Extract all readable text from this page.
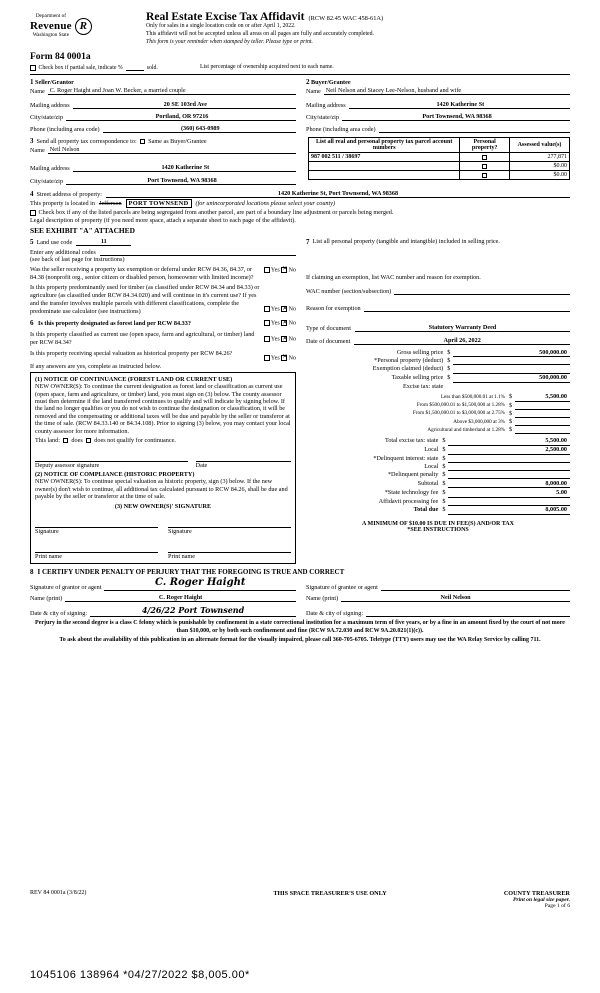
Department of
Revenue
Washington State
R
Real Estate Excise Tax Affidavit (RCW 82.45 WAC 458-61A)
Only for sales in a single location code on or after April 1, 2022.
This affidavit will not be accepted unless all areas on all pages are fully and accurately completed.
This form is your reminder when stamped by teller. Please type or print.
Form 84 0001a
Check box if partial sale, indicate %
	sold.	List percentage of ownership acquired next to each name.
1 Seller/Grantor
Name C. Roger Haight and Joan W. Becker, a married couple
Mailing address	20 SE 103rd Ave
City/state/zip	Portland, OR 97216
Phone (including area code)	(360) 643-0989
2 Buyer/Grantee
Name Neil Nelson and Stacey Lee-Nelson, husband and wife
Mailing address	1420 Katherine St
City/state/zip	Port Townsend, WA 98368
Phone (including area code)
3 Send all property tax correspondence to: Same as Buyer/Grantee
Name Neil Nelson
Mailing address	1420 Katherine St
City/state/zip	Port Townsend, WA 98368
List all real and personal property tax parcel account numbers	Personal property?	Assessed value(s)
987 002 511 / 38697		277,871
		$0.00
		$0.00
4 Street address of property:	1420 Katherine St, Port Townsend, WA 98368
This property is located in Jefferson	PORT TOWNSEND	(for unincorporated locations please select your county)
Check box if any of the listed parcels are being segregated from another parcel, are part of a boundary line adjustment or parcels being merged.
Legal description of property (if you need more space, attach a separate sheet to each page of the affidavit).
SEE EXHIBIT "A" ATTACHED
5 Land use code	11
Enter any additional codes

(see back of last page for instructions)
Was the seller receiving a property tax exemption or deferral under RCW 84.36, 84.37, or 84.38 (nonprofit org., senior citizen or disabled person, homeowner with limited income)?
Yes ✕ No
Is this property predominantly used for timber (as classified under RCW 84.34 and 84.33) or agriculture (as classified under RCW 84.34.020) and will continue in it's current use? If yes and the transfer involves multiple parcels with different classifications, complete the predominate use calculator (see instructions)	Yes ✕ No
6 Is this property designated as forest land per RCW 84.33?	Yes ✕ No
Is this property classified as current use (open space, farm and agricultural, or timber) land per RCW 84.34?	Yes ✕ No
Is this property receiving special valuation as historical property per RCW 84.26?
Yes ✕ No
If any answers are yes, complete as instructed below.
(1) NOTICE OF CONTINUANCE (FOREST LAND OR CURRENT USE)
NEW OWNER(S): To continue the current designation as forest land or classification as current use (open space, farm and agriculture, or timber) land, you must sign on (3) below. The county assessor must then determine if the land transferred continues to qualify and will indicate by signing below. If the land no longer qualifies or you do not wish to continue the designation or classification, it will be removed and the compensating or additional taxes will be due and payable by the seller or transferor at the time of sale. (RCW 84.33.140 or 84.34.108). Prior to signing (3) below, you may contact your local county assessor for more information.
This land: does does not qualify for continuance.
Deputy assessor signature	Date
(2) NOTICE OF COMPLIANCE (HISTORIC PROPERTY)
NEW OWNER(S): To continue special valuation as historic property, sign (3) below. If the new owner(s) don't wish to continue, all additional tax calculated pursuant to RCW 84.26, shall be due and payable by the seller or transferor at the time of sale.
(3) NEW OWNER(S)' SIGNATURE
Signature	Signature
Print name	Print name
7 List all personal property (tangible and intangible) included in selling price.
If claiming an exemption, list WAC number and reason for exemption.
WAC number (section/subsection)

Reason for exemption

Type of document	Statutory Warranty Deed
Date of document	April 26, 2022
Gross selling price	$	500,000.00
*Personal property (deduct)	$	
Exemption claimed (deduct)	$	
Taxable selling price	$	500,000.00
Excise tax: state		
Less than $500,000.01 at 1.1%	$	5,500.00
From $500,000.01 to $1,500,000 at 1.28%	$	
From $1,500,000.01 to $3,000,000 at 2.75%	$	
Above $3,000,000 at 3%	$	
Agricultural and timberland at 1.28%	$	
Total excise tax: state	$	5,500.00
Local	$	2,500.00
*Delinquent interest: state	$	
Local	$	
*Delinquent penalty	$	
Subtotal	$	8,000.00
*State technology fee	$	5.00
Affidavit processing fee	$	
Total due	$	8,005.00
A MINIMUM OF $10.00 IS DUE IN FEE(S) AND/OR TAX
*SEE INSTRUCTIONS
8 I CERTIFY UNDER PENALTY OF PERJURY THAT THE FOREGOING IS TRUE AND CORRECT
Signature of grantor or agent	C. Roger Haight
Name (print)	C. Roger Haight
Date & city of signing:	4/26/22 Port Townsend
Signature of grantee or agent
Name (print)	Neil Nelson
Date & city of signing:
Perjury in the second degree is a class C felony which is punishable by confinement in a state correctional institution for a maximum term of five years, or by a fine in an amount fixed by the court of not more than $10,000, or by both such confinement and fine (RCW 9A.72.030 and RCW 9A.20.021(1)(c)).
To ask about the availability of this publication in an alternate format for the visually impaired, please call 360-705-6705. Teletype (TTY) users may use the WA Relay Service by calling 711.
REV 84 0001a (3/8/22)	THIS SPACE TREASURER'S USE ONLY	COUNTY TREASURER
Print on legal size paper.
Page 1 of 6
1045106 138964 *04/27/2022 $8,005.00*
